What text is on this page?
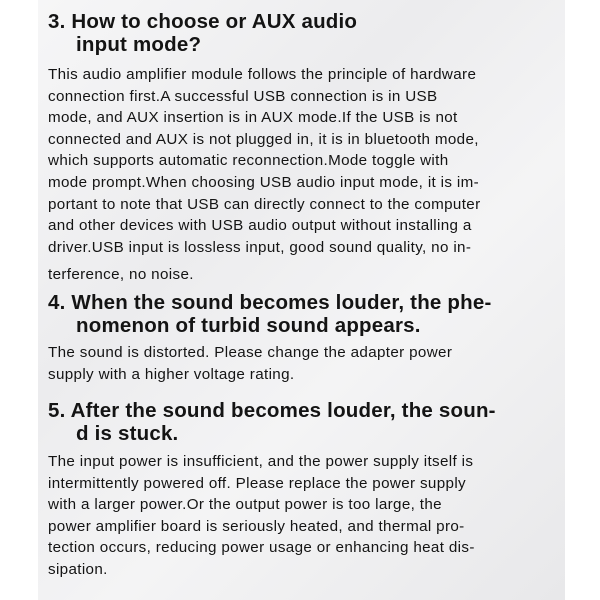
3. How to choose or AUX audio
input mode?

This audio amplifier module follows the principle of hardware
connection first.A successful USB connection is in USB
mode, and AUX insertion is in AUX mode.If the USB is not
connected and AUX is not plugged in, it is in bluetooth mode,
which supports automatic reconnection.Mode toggle with
mode prompt.When choosing USB audio input mode, it is im-
portant to note that USB can directly connect to the computer
and other devices with USB audio output without installing a
driver.USB input is lossless input, good sound quality, no in-
terference, no noise.

4. When the sound becomes louder, the phe-
nomenon of turbid sound appears.

The sound is distorted. Please change the adapter power
supply with a higher voltage rating.

5. After the sound becomes louder, the soun-
d is stuck.

The input power is insufficient, and the power supply itself is
intermittently powered off. Please replace the power supply
with a larger power.Or the output power is too large, the
power amplifier board is seriously heated, and thermal pro-
tection occurs, reducing power usage or enhancing heat dis-
sipation.
